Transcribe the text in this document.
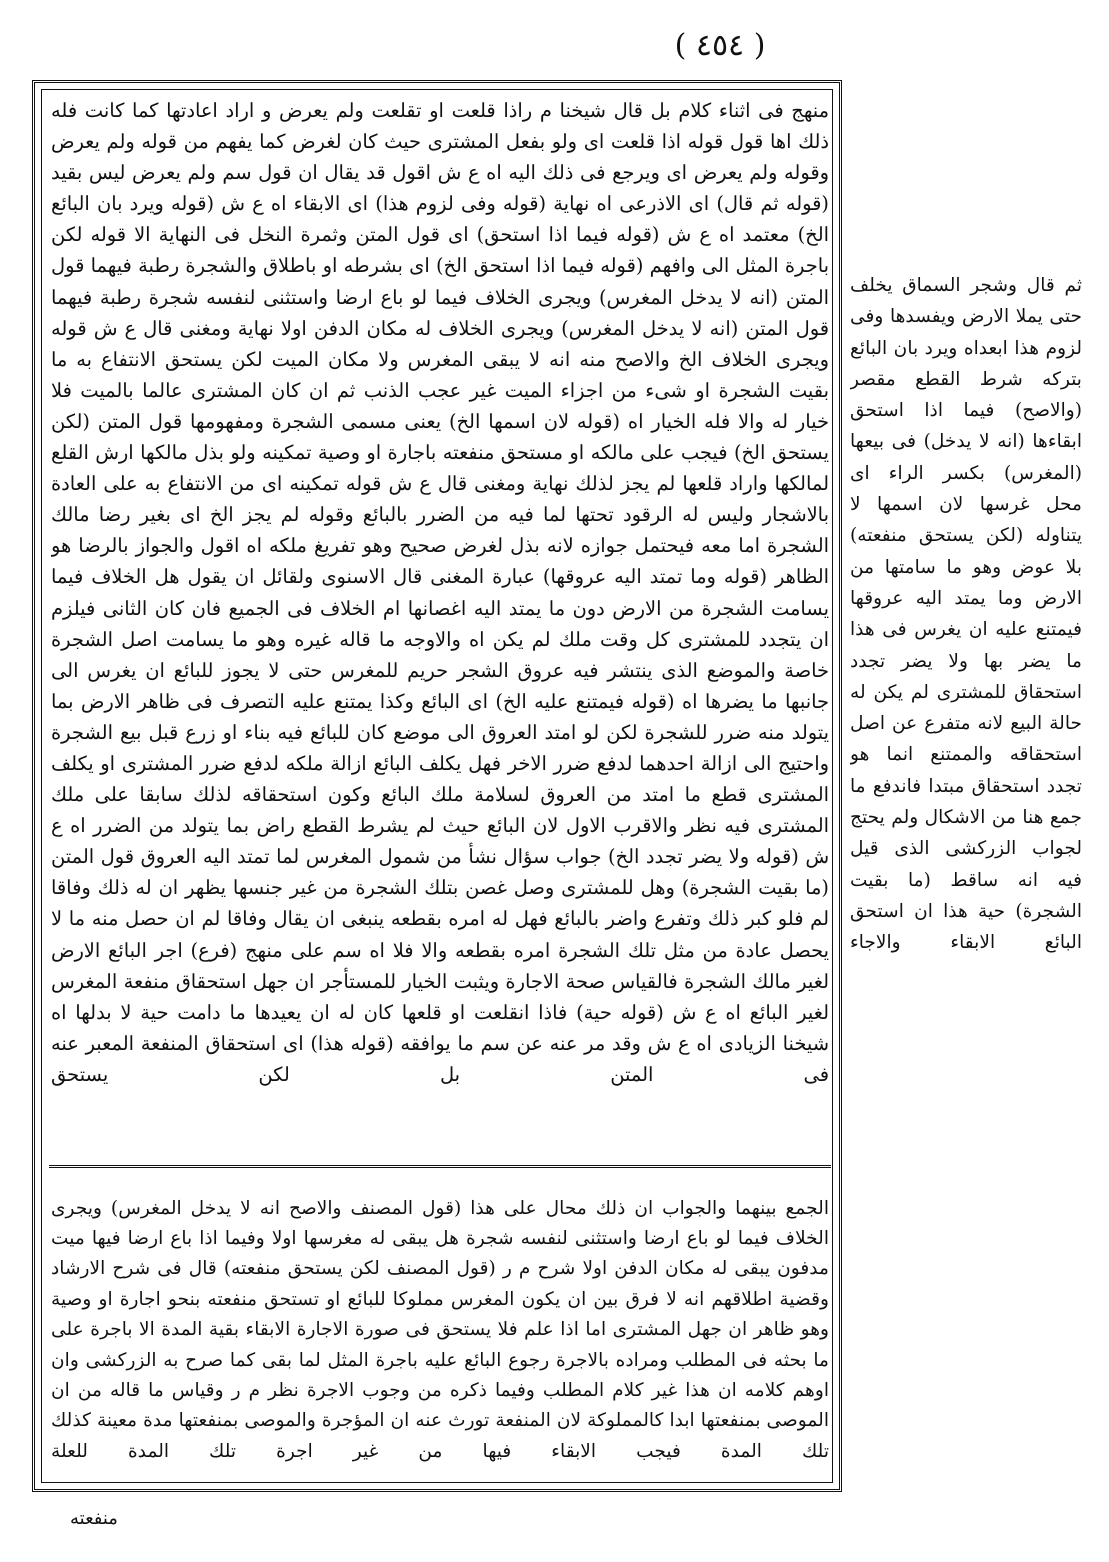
( ٤٥٤ )

منهج فی اثناء کلام بل قال شیخنا م راذا قلعت او تقلعت ولم يعرض و اراد اعادتها كما كانت فله ذلك اها قول قوله اذا قلعت ای ولو بفعل المشتری حيث كان لغرض كما يفهم من قوله ولم يعرض وقوله ولم يعرض ای ويرجع فی ذلك اليه اه ع ش اقول قد يقال ان قول سم ولم يعرض ليس بقيد (قوله ثم قال) ای الاذرعی اه نهاية (قوله وفی لزوم هذا) ای الابقاء اه ع ش (قوله ويرد بان البائع الخ) معتمد اه ع ش (قوله فيما اذا استحق) ای قول المتن وثمرة النخل فی النهاية الا قوله لكن باجرة المثل الی وافهم (قوله فيما اذا استحق الخ) ای بشرطه او باطلاق والشجرة رطبة فيهما قول المتن (انه لا يدخل المغرس) ويجری الخلاف فيما لو باع ارضا واستثنی لنفسه شجرة رطبة فيهما قول المتن (انه لا يدخل المغرس) ويجری الخلاف له مكان الدفن اولا نهاية ومغنی قال ع ش قوله ويجری الخلاف الخ والاصح منه انه لا يبقی المغرس ولا مكان الميت لكن يستحق الانتفاع به ما بقيت الشجرة او شیء من اجزاء الميت غير عجب الذنب ثم ان كان المشتری عالما بالميت فلا خيار له والا فله الخيار اه (قوله لان اسمها الخ) يعنی مسمی الشجرة ومفهومها قول المتن (لكن يستحق الخ) فيجب علی مالكه او مستحق منفعته باجارة او وصية تمكينه ولو بذل مالكها ارش القلع لمالكها واراد قلعها لم يجز لذلك نهاية ومغنی قال ع ش قوله تمكينه ای من الانتفاع به علی العادة بالاشجار وليس له الرقود تحتها لما فيه من الضرر بالبائع وقوله لم يجز الخ ای بغير رضا مالك الشجرة اما معه فيحتمل جوازه لانه بذل لغرض صحيح وهو تفريغ ملكه اه اقول والجواز بالرضا هو الظاهر (قوله وما تمتد اليه عروقها) عبارة المغنی قال الاسنوی ولقائل ان يقول هل الخلاف فيما يسامت الشجرة من الارض دون ما يمتد اليه اغصانها ام الخلاف فی الجميع فان كان الثانی فيلزم ان يتجدد للمشتری كل وقت ملك لم يكن اه والاوجه ما قاله غيره وهو ما يسامت اصل الشجرة خاصة والموضع الذی ينتشر فيه عروق الشجر حريم للمغرس حتی لا يجوز للبائع ان يغرس الی جانبها ما يضرها اه (قوله فيمتنع عليه الخ) ای البائع وكذا يمتنع عليه التصرف فی ظاهر الارض بما يتولد منه ضرر للشجرة لكن لو امتد العروق الی موضع كان للبائع فيه بناء او زرع قبل بيع الشجرة واحتيج الی ازالة احدهما لدفع ضرر الاخر فهل يكلف البائع ازالة ملكه لدفع ضرر المشتری او يكلف المشتری قطع ما امتد من العروق لسلامة ملك البائع وكون استحقاقه لذلك سابقا علی ملك المشتری فيه نظر والاقرب الاول لان البائع حيث لم يشرط القطع راض بما يتولد من الضرر اه ع ش (قوله ولا يضر تجدد الخ) جواب سؤال نشأ من شمول المغرس لما تمتد اليه العروق قول المتن (ما بقيت الشجرة) وهل للمشتری وصل غصن بتلك الشجرة من غير جنسها يظهر ان له ذلك وفاقا لم فلو كبر ذلك وتفرع واضر بالبائع فهل له امره بقطعه ينبغی ان يقال وفاقا لم ان حصل منه ما لا يحصل عادة من مثل تلك الشجرة امره بقطعه والا فلا اه سم علی منهج (فرع) اجر البائع الارض لغير مالك الشجرة فالقياس صحة الاجارة ويثبت الخيار للمستأجر ان جهل استحقاق منفعة المغرس لغير البائع اه ع ش (قوله حية) فاذا انقلعت او قلعها كان له ان يعيدها ما دامت حية لا بدلها اه شيخنا الزيادی اه ع ش وقد مر عنه عن سم ما يوافقه (قوله هذا) ای استحقاق المنفعة المعبر عنه فی المتن بل لكن يستحق

الجمع بينهما والجواب ان ذلك محال علی هذا (قول المصنف والاصح انه لا يدخل المغرس) ويجری الخلاف فيما لو باع ارضا واستثنی لنفسه شجرة هل يبقی له مغرسها اولا وفيما اذا باع ارضا فيها ميت مدفون يبقی له مكان الدفن اولا شرح م ر (قول المصنف لكن يستحق منفعته) قال فی شرح الارشاد وقضية اطلاقهم انه لا فرق بين ان يكون المغرس مملوكا للبائع او تستحق منفعته بنحو اجارة او وصية وهو ظاهر ان جهل المشتری اما اذا علم فلا يستحق فی صورة الاجارة الابقاء بقية المدة الا باجرة علی ما بحثه فی المطلب ومراده بالاجرة رجوع البائع عليه باجرة المثل لما بقی كما صرح به الزركشی وان اوهم كلامه ان هذا غير كلام المطلب وفيما ذكره من وجوب الاجرة نظر م ر وقياس ما قاله من ان الموصی بمنفعتها ابدا كالمملوكة لان المنفعة تورث عنه ان المؤجرة والموصی بمنفعتها مدة معينة كذلك تلك المدة فيجب الابقاء فيها من غير اجرة تلك المدة للعلة

ثم قال وشجر السماق يخلف حتی يملا الارض ويفسدها وفی لزوم هذا ابعداه ويرد بان البائع بتركه شرط القطع مقصر (والاصح) فيما اذا استحق ابقاءها (انه لا يدخل) فی بيعها (المغرس) بكسر الراء ای محل غرسها لان اسمها لا يتناوله (لكن يستحق منفعته) بلا عوض وهو ما سامتها من الارض وما يمتد اليه عروقها فيمتنع عليه ان يغرس فی هذا ما يضر بها ولا يضر تجدد استحقاق للمشتری لم يكن له حالة البيع لانه متفرع عن اصل استحقاقه والممتنع انما هو تجدد استحقاق مبتدا فاندفع ما جمع هنا من الاشكال ولم يحتج لجواب الزركشی الذی قيل فيه انه ساقط (ما بقيت الشجرة) حية هذا ان استحق البائع الابقاء والاجاء

منفعته
